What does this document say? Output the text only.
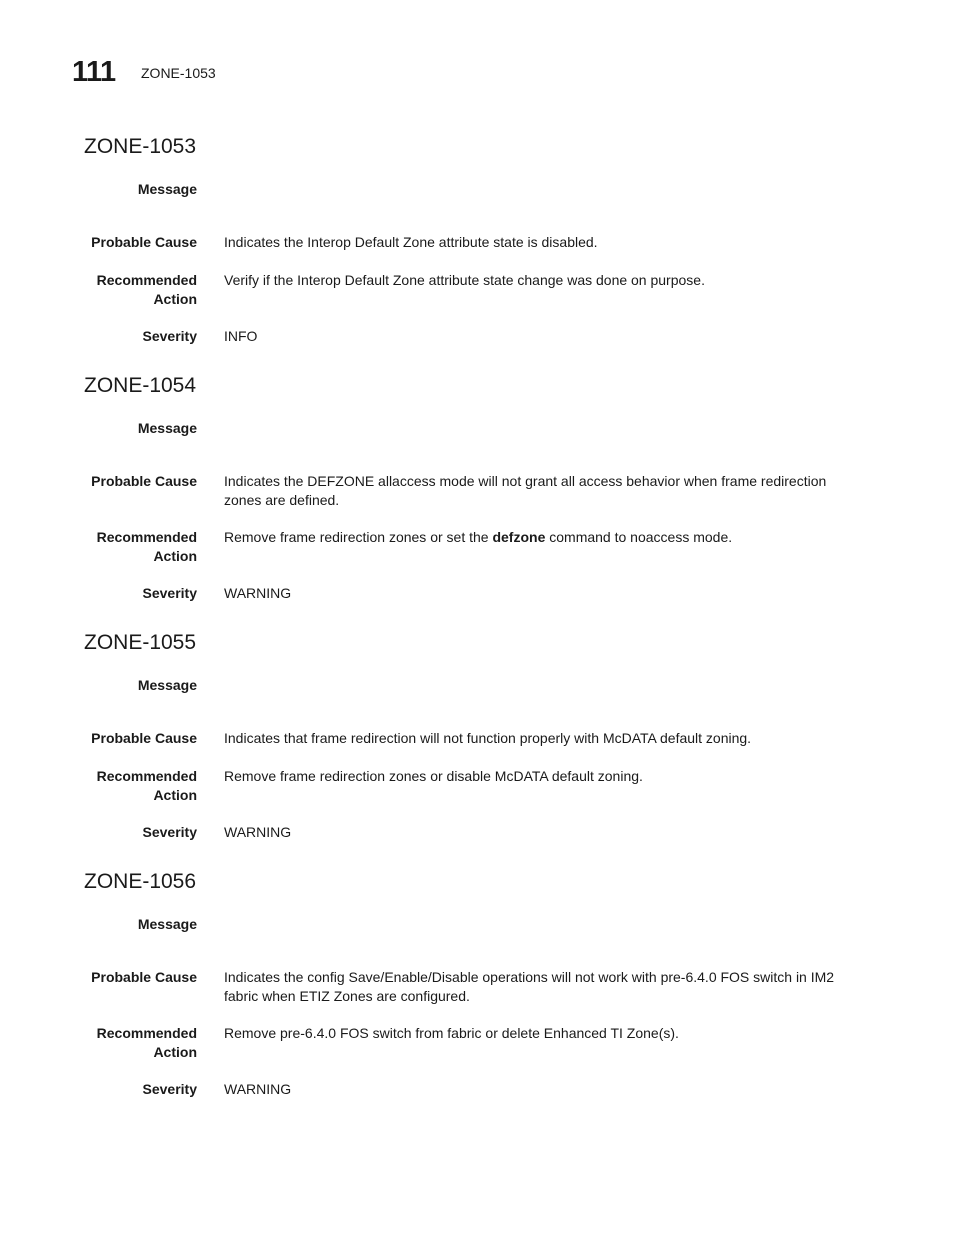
111 ZONE-1053
ZONE-1053
Message
Probable Cause Indicates the Interop Default Zone attribute state is disabled.
Recommended
Action
Verify if the Interop Default Zone attribute state change was done on purpose.
Severity INFO
ZONE-1054
Message
Probable Cause Indicates the DEFZONE allaccess mode will not grant all access behavior when frame redirection
zones are defined.
Recommended
Action
Remove frame redirection zones or set the defzone command to noaccess mode.
Severity WARNING
ZONE-1055
Message
Probable Cause Indicates that frame redirection will not function properly with McDATA default zoning.
Recommended
Action
Remove frame redirection zones or disable McDATA default zoning.
Severity WARNING
ZONE-1056
Message
Probable Cause Indicates the config Save/Enable/Disable operations will not work with pre-6.4.0 FOS switch in IM2
fabric when ETIZ Zones are configured.
Recommended
Action
Remove pre-6.4.0 FOS switch from fabric or delete Enhanced TI Zone(s).
Severity WARNING
